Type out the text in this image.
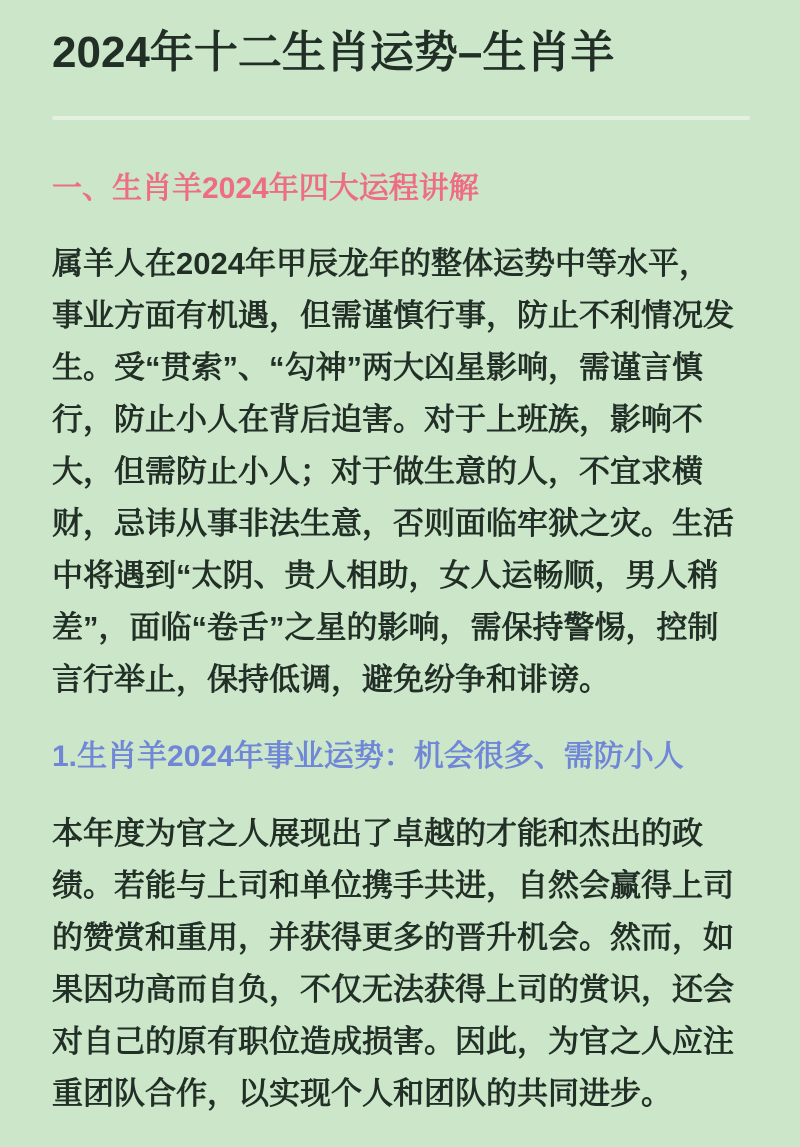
2024年十二生肖运势–生肖羊
一、生肖羊2024年四大运程讲解
属羊人在2024年甲辰龙年的整体运势中等水平，
事业方面有机遇，但需谨慎行事，防止不利情况发
生。受“贯索”、“勾神”两大凶星影响，需谨言慎
行，防止小人在背后迫害。对于上班族，影响不
大，但需防止小人；对于做生意的人，不宜求横
财，忌讳从事非法生意，否则面临牢狱之灾。生活
中将遇到“太阴、贵人相助，女人运畅顺，男人稍
差”，面临“卷舌”之星的影响，需保持警惕，控制
言行举止，保持低调，避免纷争和诽谤。
1.生肖羊2024年事业运势：机会很多、需防小人
本年度为官之人展现出了卓越的才能和杰出的政
绩。若能与上司和单位携手共进，自然会赢得上司
的赞赏和重用，并获得更多的晋升机会。然而，如
果因功高而自负，不仅无法获得上司的赏识，还会
对自己的原有职位造成损害。因此，为官之人应注
重团队合作，以实现个人和团队的共同进步。
